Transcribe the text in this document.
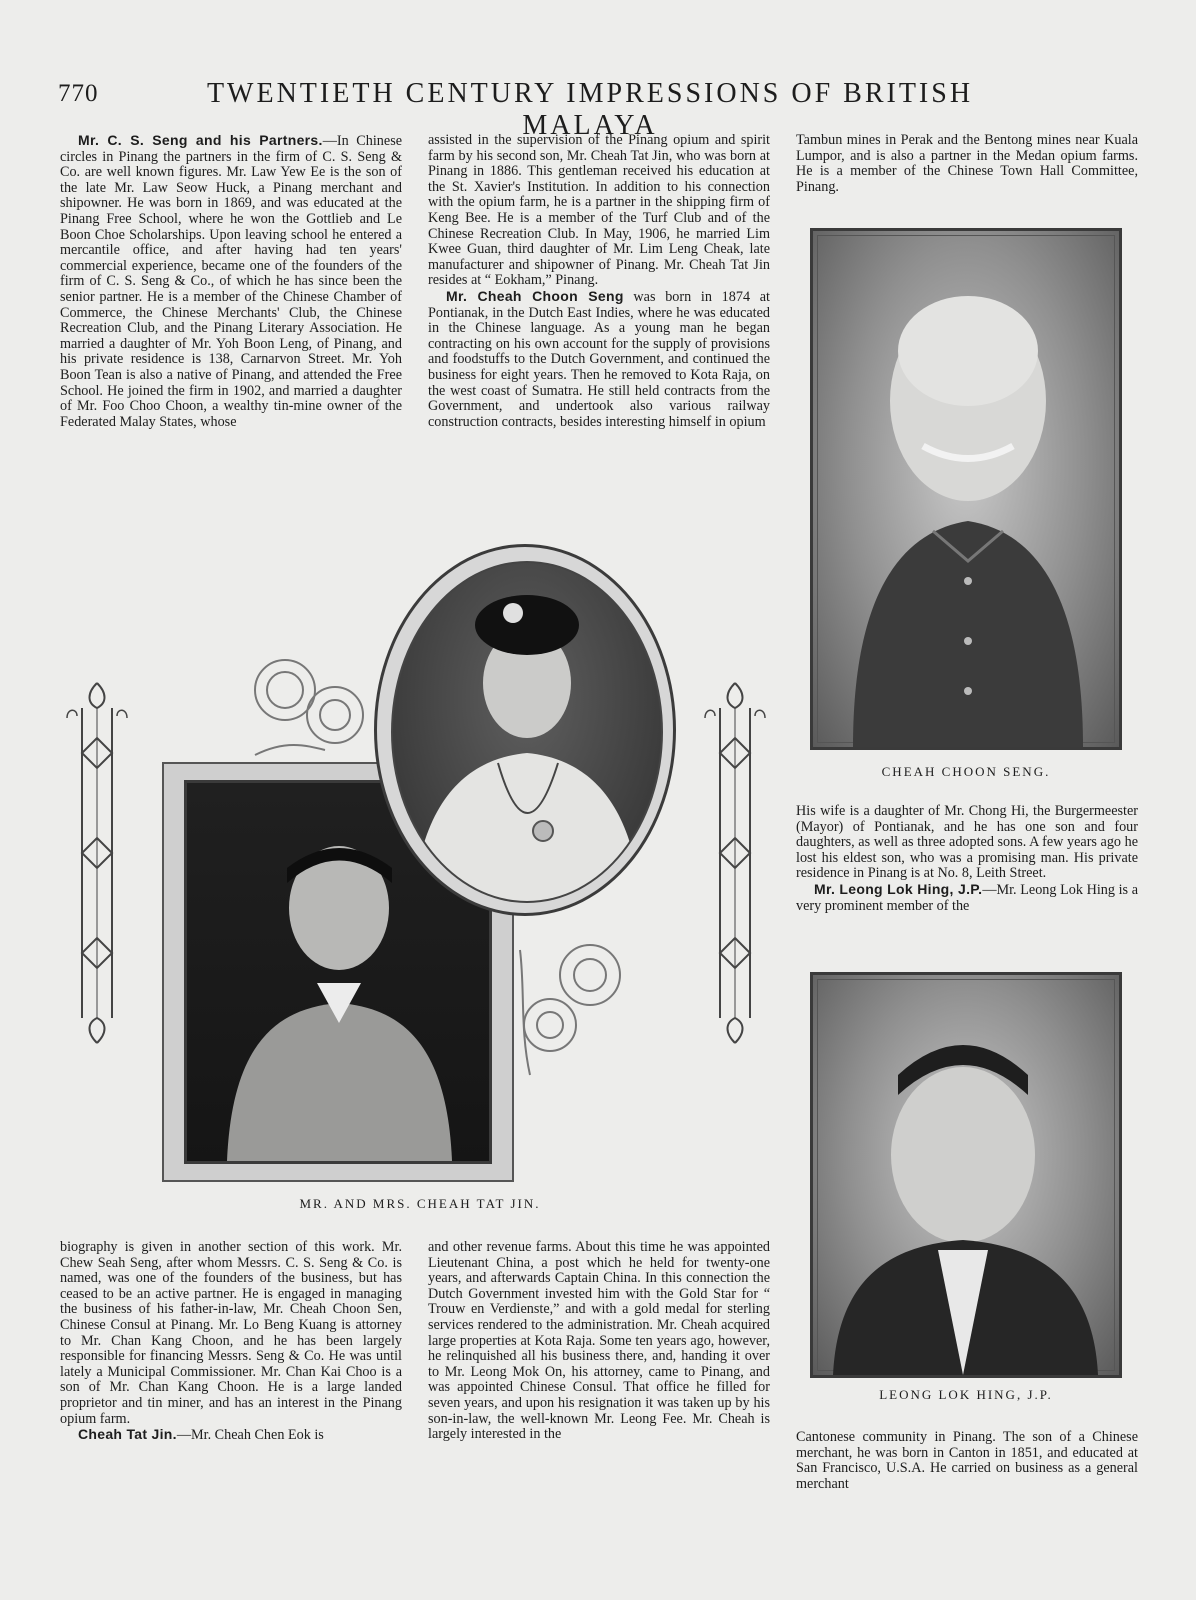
770	TWENTIETH CENTURY IMPRESSIONS OF BRITISH MALAYA

Mr. C. S. Seng and his Partners.—In Chinese circles in Pinang the partners in the firm of C. S. Seng & Co. are well known figures. Mr. Law Yew Ee is the son of the late Mr. Law Seow Huck, a Pinang merchant and shipowner. He was born in 1869, and was educated at the Pinang Free School, where he won the Gottlieb and Le Boon Choe Scholarships. Upon leaving school he entered a mercantile office, and after having had ten years' commercial experience, became one of the founders of the firm of C. S. Seng & Co., of which he has since been the senior partner. He is a member of the Chinese Chamber of Commerce, the Chinese Merchants' Club, the Chinese Recreation Club, and the Pinang Literary Association. He married a daughter of Mr. Yoh Boon Leng, of Pinang, and his private residence is 138, Carnarvon Street. Mr. Yoh Boon Tean is also a native of Pinang, and attended the Free School. He joined the firm in 1902, and married a daughter of Mr. Foo Choo Choon, a wealthy tin-mine owner of the Federated Malay States, whose

assisted in the supervision of the Pinang opium and spirit farm by his second son, Mr. Cheah Tat Jin, who was born at Pinang in 1886. This gentleman received his education at the St. Xavier's Institution. In addition to his connection with the opium farm, he is a partner in the shipping firm of Keng Bee. He is a member of the Turf Club and of the Chinese Recreation Club. In May, 1906, he married Lim Kwee Guan, third daughter of Mr. Lim Leng Cheak, late manufacturer and shipowner of Pinang. Mr. Cheah Tat Jin resides at “ Eokham,” Pinang.

Mr. Cheah Choon Seng was born in 1874 at Pontianak, in the Dutch East Indies, where he was educated in the Chinese language. As a young man he began contracting on his own account for the supply of provisions and foodstuffs to the Dutch Government, and continued the business for eight years. Then he removed to Kota Raja, on the west coast of Sumatra. He still held contracts from the Government, and undertook also various railway construction contracts, besides interesting himself in opium

Tambun mines in Perak and the Bentong mines near Kuala Lumpor, and is also a partner in the Medan opium farms. He is a member of the Chinese Town Hall Committee, Pinang.

CHEAH CHOON SENG.

His wife is a daughter of Mr. Chong Hi, the Burgermeester (Mayor) of Pontianak, and he has one son and four daughters, as well as three adopted sons. A few years ago he lost his eldest son, who was a promising man. His private residence in Pinang is at No. 8, Leith Street.

Mr. Leong Lok Hing, J.P.—Mr. Leong Lok Hing is a very prominent member of the

LEONG LOK HING, J.P.
MR. AND MRS. CHEAH TAT JIN.

biography is given in another section of this work. Mr. Chew Seah Seng, after whom Messrs. C. S. Seng & Co. is named, was one of the founders of the business, but has ceased to be an active partner. He is engaged in managing the business of his father-in-law, Mr. Cheah Choon Sen, Chinese Consul at Pinang. Mr. Lo Beng Kuang is attorney to Mr. Chan Kang Choon, and he has been largely responsible for financing Messrs. Seng & Co. He was until lately a Municipal Commissioner. Mr. Chan Kai Choo is a son of Mr. Chan Kang Choon. He is a large landed proprietor and tin miner, and has an interest in the Pinang opium farm.

Cheah Tat Jin.—Mr. Cheah Chen Eok is

and other revenue farms. About this time he was appointed Lieutenant China, a post which he held for twenty-one years, and afterwards Captain China. In this connection the Dutch Government invested him with the Gold Star for “ Trouw en Verdienste,” and with a gold medal for sterling services rendered to the administration. Mr. Cheah acquired large properties at Kota Raja. Some ten years ago, however, he relinquished all his business there, and, handing it over to Mr. Leong Mok On, his attorney, came to Pinang, and was appointed Chinese Consul. That office he filled for seven years, and upon his resignation it was taken up by his son-in-law, the well-known Mr. Leong Fee. Mr. Cheah is largely interested in the	Cantonese community in Pinang. The son of a Chinese merchant, he was born in Canton in 1851, and educated at San Francisco, U.S.A. He carried on business as a general merchant
